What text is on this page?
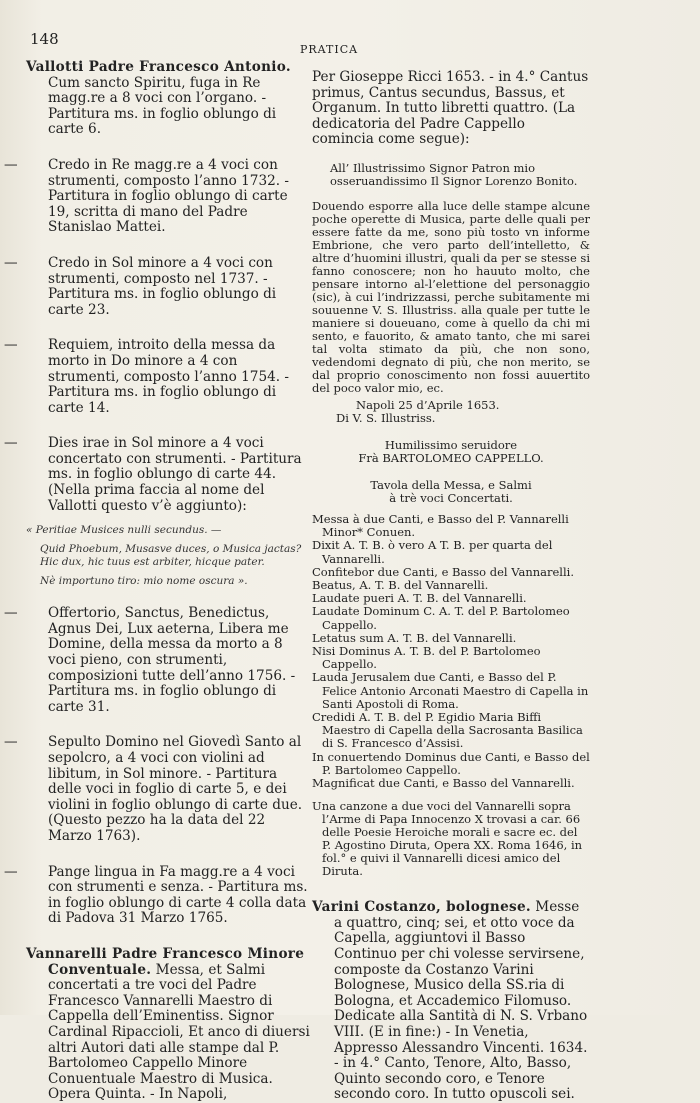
148
PRATICA
Vallotti Padre Francesco Antonio. Cum sancto Spiritu, fuga in Re magg.re a 8 voci con l’organo. - Partitura ms. in foglio oblungo di carte 6.
— Credo in Re magg.re a 4 voci con strumenti, composto l’anno 1732. - Partitura in foglio oblungo di carte 19, scritta di mano del Padre Stanislao Mattei.
— Credo in Sol minore a 4 voci con strumenti, composto nel 1737. - Partitura ms. in foglio oblungo di carte 23.
— Requiem, introito della messa da morto in Do minore a 4 con strumenti, composto l’anno 1754. - Partitura ms. in foglio oblungo di carte 14.
— Dies irae in Sol minore a 4 voci concertato con strumenti. - Partitura ms. in foglio oblungo di carte 44. (Nella prima faccia al nome del Vallotti questo v’è aggiunto):
« Peritiae Musices nulli secundus. —
Quid Phoebum, Musasve duces, o Musica jactas? Hic dux, hic tuus est arbiter, hicque pater.
Nè importuno tiro: mio nome oscura ».
— Offertorio, Sanctus, Benedictus, Agnus Dei, Lux aeterna, Libera me Domine, della messa da morto a 8 voci pieno, con strumenti, composizioni tutte dell’anno 1756. - Partitura ms. in foglio oblungo di carte 31.
— Sepulto Domino nel Giovedì Santo al sepolcro, a 4 voci con violini ad libitum, in Sol minore. - Partitura delle voci in foglio di carte 5, e dei violini in foglio oblungo di carte due. (Questo pezzo ha la data del 22 Marzo 1763).
— Pange lingua in Fa magg.re a 4 voci con strumenti e senza. - Partitura ms. in foglio oblungo di carte 4 colla data di Padova 31 Marzo 1765.
Vannarelli Padre Francesco Minore Conventuale. Messa, et Salmi concertati a tre voci del Padre Francesco Vannarelli Maestro di Cappella dell’Eminentiss. Signor Cardinal Ripaccioli, Et anco di diuersi altri Autori dati alle stampe dal P. Bartolomeo Cappello Minore Conuentuale Maestro di Musica. Opera Quinta. - In Napoli,
Per Gioseppe Ricci 1653. - in 4.° Cantus primus, Cantus secundus, Bassus, et Organum. In tutto libretti quattro. (La dedicatoria del Padre Cappello comincia come segue):
All’ Illustrissimo Signor Patron mio osseruandissimo Il Signor Lorenzo Bonito.
Douendo esporre alla luce delle stampe alcune poche operette di Musica, parte delle quali per essere fatte da me, sono più tosto vn informe Embrione, che vero parto dell’intelletto, & altre d’huomini illustri, quali da per se stesse si fanno conoscere; non ho hauuto molto, che pensare intorno al-l’elettione del personaggio (sic), à cui l’indrizzassi, perche subitamente mi souuenne V. S. Illustriss. alla quale per tutte le maniere si doueuano, come à quello da chi mi sento, e fauorito, & amato tanto, che mi sarei tal volta stimato da più, che non sono, vedendomi degnato di più, che non merito, se dal proprio conoscimento non fossi auuertito del poco valor mio, ec.
Napoli 25 d’Aprile 1653.
Di V. S. Illustriss.
Humilissimo seruidore
Frà BARTOLOMEO CAPPELLO.
Tavola della Messa, e Salmi
à trè voci Concertati.

Messa à due Canti, e Basso del P. Vannarelli Minor* Conuen.

Dixit A. T. B. ò vero A T. B. per quarta del Vannarelli.

Confitebor due Canti, e Basso del Vannarelli.

Beatus, A. T. B. del Vannarelli.

Laudate pueri A. T. B. del Vannarelli.

Laudate Dominum C. A. T. del P. Bartolomeo Cappello.

Letatus sum A. T. B. del Vannarelli.

Nisi Dominus A. T. B. del P. Bartolomeo Cappello.

Lauda Jerusalem due Canti, e Basso del P. Felice Antonio Arconati Maestro di Capella in Santi Apostoli di Roma.

Credidi A. T. B. del P. Egidio Maria Biffi Maestro di Capella della Sacrosanta Basilica di S. Francesco d’Assisi.

In conuertendo Dominus due Canti, e Basso del P. Bartolomeo Cappello.

Magnificat due Canti, e Basso del Vannarelli.

Una canzone a due voci del Vannarelli sopra l’Arme di Papa Innocenzo X trovasi a car. 66 delle Poesie Heroiche morali e sacre ec. del P. Agostino Diruta, Opera XX. Roma 1646, in fol.° e quivi il Vannarelli dicesi amico del Diruta.
Varini Costanzo, bolognese. Messe a quattro, cinq; sei, et otto voce da Capella, aggiuntovi il Basso Continuo per chi volesse servirsene, composte da Costanzo Varini Bolognese, Musico della SS.ria di Bologna, et Accademico Filomuso. Dedicate alla Santità di N. S. Vrbano VIII. (E in fine:) - In Venetia, Appresso Alessandro Vincenti. 1634. - in 4.° Canto, Tenore, Alto, Basso, Quinto secondo coro, e Tenore secondo coro. In tutto opuscoli sei.
